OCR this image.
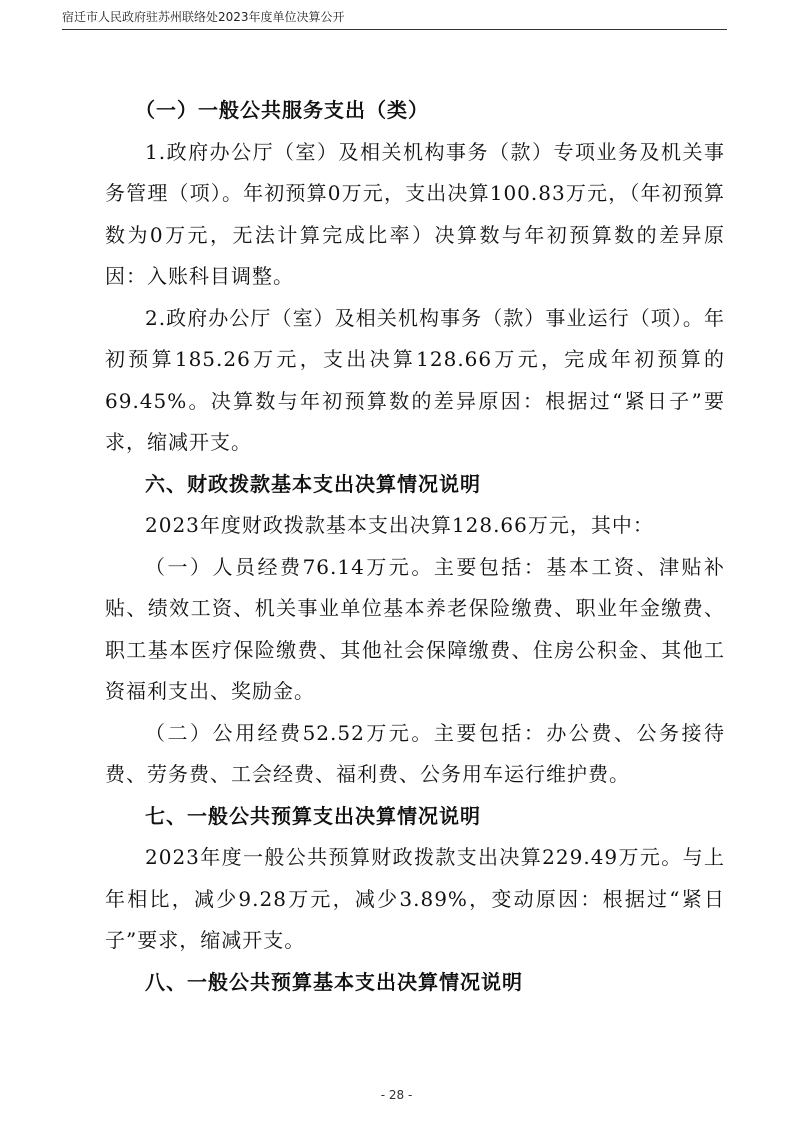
宿迁市人民政府驻苏州联络处2023年度单位决算公开

（一）一般公共服务支出（类）

1.政府办公厅（室）及相关机构事务（款）专项业务及机关事务管理（项）。年初预算0万元，支出决算100.83万元，（年初预算数为0万元，无法计算完成比率）决算数与年初预算数的差异原因：入账科目调整。

2.政府办公厅（室）及相关机构事务（款）事业运行（项）。年初预算185.26万元，支出决算128.66万元，完成年初预算的69.45%。决算数与年初预算数的差异原因：根据过“紧日子”要求，缩减开支。

六、财政拨款基本支出决算情况说明

2023年度财政拨款基本支出决算128.66万元，其中：

（一）人员经费76.14万元。主要包括：基本工资、津贴补贴、绩效工资、机关事业单位基本养老保险缴费、职业年金缴费、职工基本医疗保险缴费、其他社会保障缴费、住房公积金、其他工资福利支出、奖励金。

（二）公用经费52.52万元。主要包括：办公费、公务接待费、劳务费、工会经费、福利费、公务用车运行维护费。

七、一般公共预算支出决算情况说明

2023年度一般公共预算财政拨款支出决算229.49万元。与上年相比，减少9.28万元，减少3.89%，变动原因：根据过“紧日子”要求，缩减开支。

八、一般公共预算基本支出决算情况说明

- 28 -
